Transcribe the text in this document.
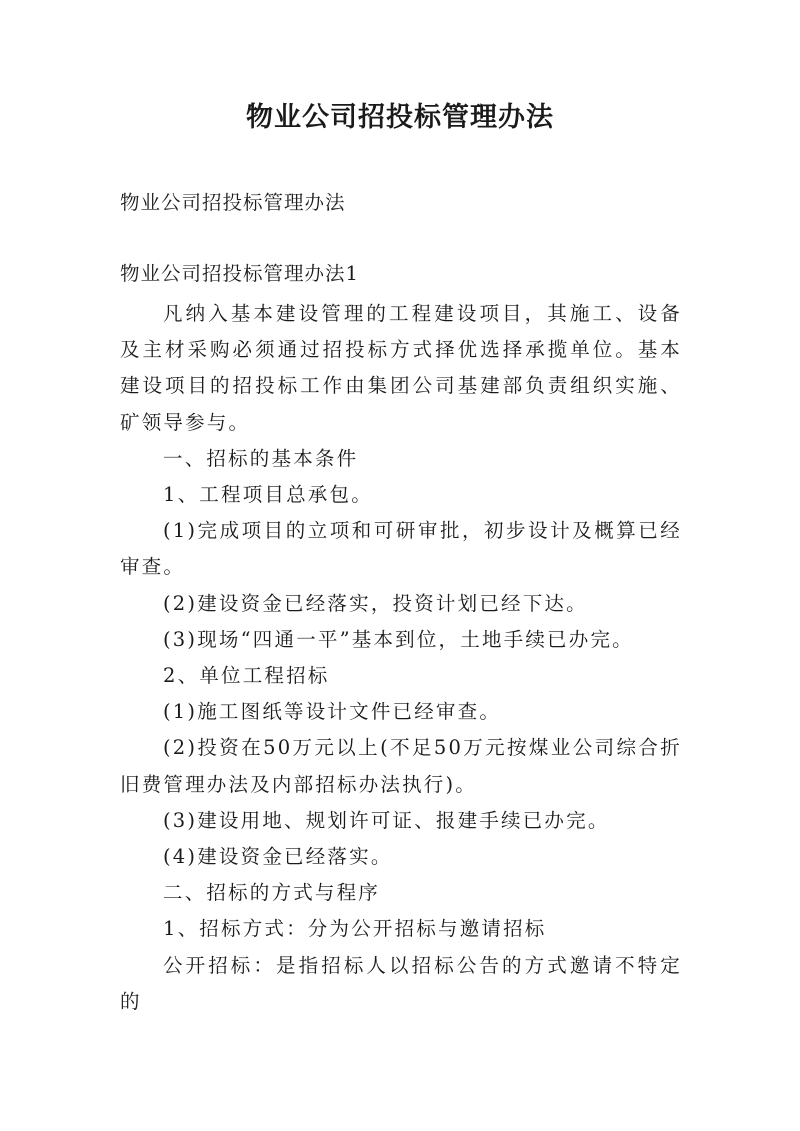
物业公司招投标管理办法
物业公司招投标管理办法
物业公司招投标管理办法1

凡纳入基本建设管理的工程建设项目，其施工、设备及主材采购必须通过招投标方式择优选择承揽单位。基本建设项目的招投标工作由集团公司基建部负责组织实施、矿领导参与。

一、招标的基本条件

1、工程项目总承包。

(1)完成项目的立项和可研审批，初步设计及概算已经审查。

(2)建设资金已经落实，投资计划已经下达。

(3)现场“四通一平”基本到位，土地手续已办完。

2、单位工程招标

(1)施工图纸等设计文件已经审查。

(2)投资在50万元以上(不足50万元按煤业公司综合折旧费管理办法及内部招标办法执行)。

(3)建设用地、规划许可证、报建手续已办完。

(4)建设资金已经落实。

二、招标的方式与程序

1、招标方式：分为公开招标与邀请招标

公开招标：是指招标人以招标公告的方式邀请不特定的
